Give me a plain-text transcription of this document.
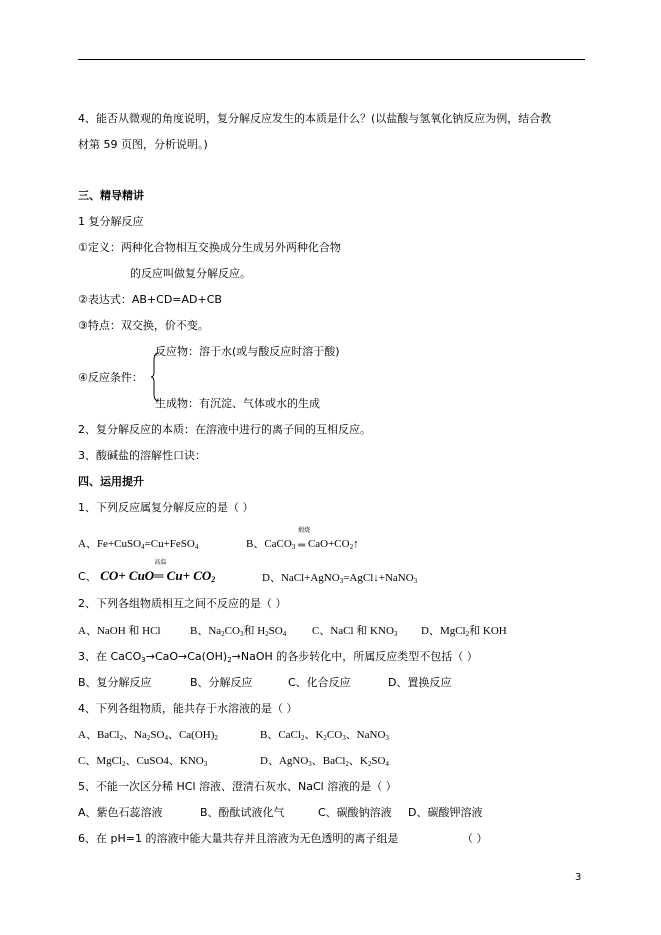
4、能否从微观的角度说明，复分解反应发生的本质是什么？(以盐酸与氢氧化钠反应为例，结合教
材第 59 页图，分析说明。)
三、精导精讲
1 复分解反应
①定义：两种化合物相互交换成分生成另外两种化合物
的反应叫做复分解反应。
②表达式：AB+CD=AD+CB
③特点：双交换，价不变。
反应物：溶于水(或与酸反应时溶于酸)
④反应条件：
生成物：有沉淀、气体或水的生成
2、复分解反应的本质：在溶液中进行的离子间的互相反应。
3、酸碱盐的溶解性口诀：
四、运用提升
1、下列反应属复分解反应的是（ ）
A、Fe+CuSO$_4$=Cu+FeSO$_4$	B、CaCO$_3$
煅烧
═ $CaO+CO_2↑$
C、 CO+ CuO
高温
═ $Cu+ CO_2$	D、NaCl+AgNO$_3$=AgCl↓+NaNO$_3$
2、下列各组物质相互之间不反应的是（ ）
A、NaOH 和 HCl	B、$Na_2CO_3$和 $H_2SO_4$ C、NaCl 和 $KNO_3$ D、MgCl$_2$和 KOH
3、在 $CaCO_3\to CaO\to Ca(OH)_2\to NaOH$ 的各步转化中，所属反应类型不包括（ ）
B、复分解反应	B、分解反应	C、化合反应	D、置换反应
4、下列各组物质，能共存于水溶液的是（ ）
A、BaCl$_2$、$Na_2SO_4$、$Ca(OH)_2$	B、CaCl$_2$、$K_2CO_3$、NaNO$_3$
C、MgCl$_2$、CuSO4、$KNO_3$	D、AgNO$_3$、BaCl$_2$、$K_2SO_4$
5、不能一次区分稀 HCl 溶液、澄清石灰水、NaCl 溶液的是（ ）
A、紫色石蕊溶液	B、酚酞试液化气	C、碳酸钠溶液 D、碳酸钾溶液
6、在 pH=1 的溶液中能大量共存并且溶液为无色透明的离子组是	（ ）
3
